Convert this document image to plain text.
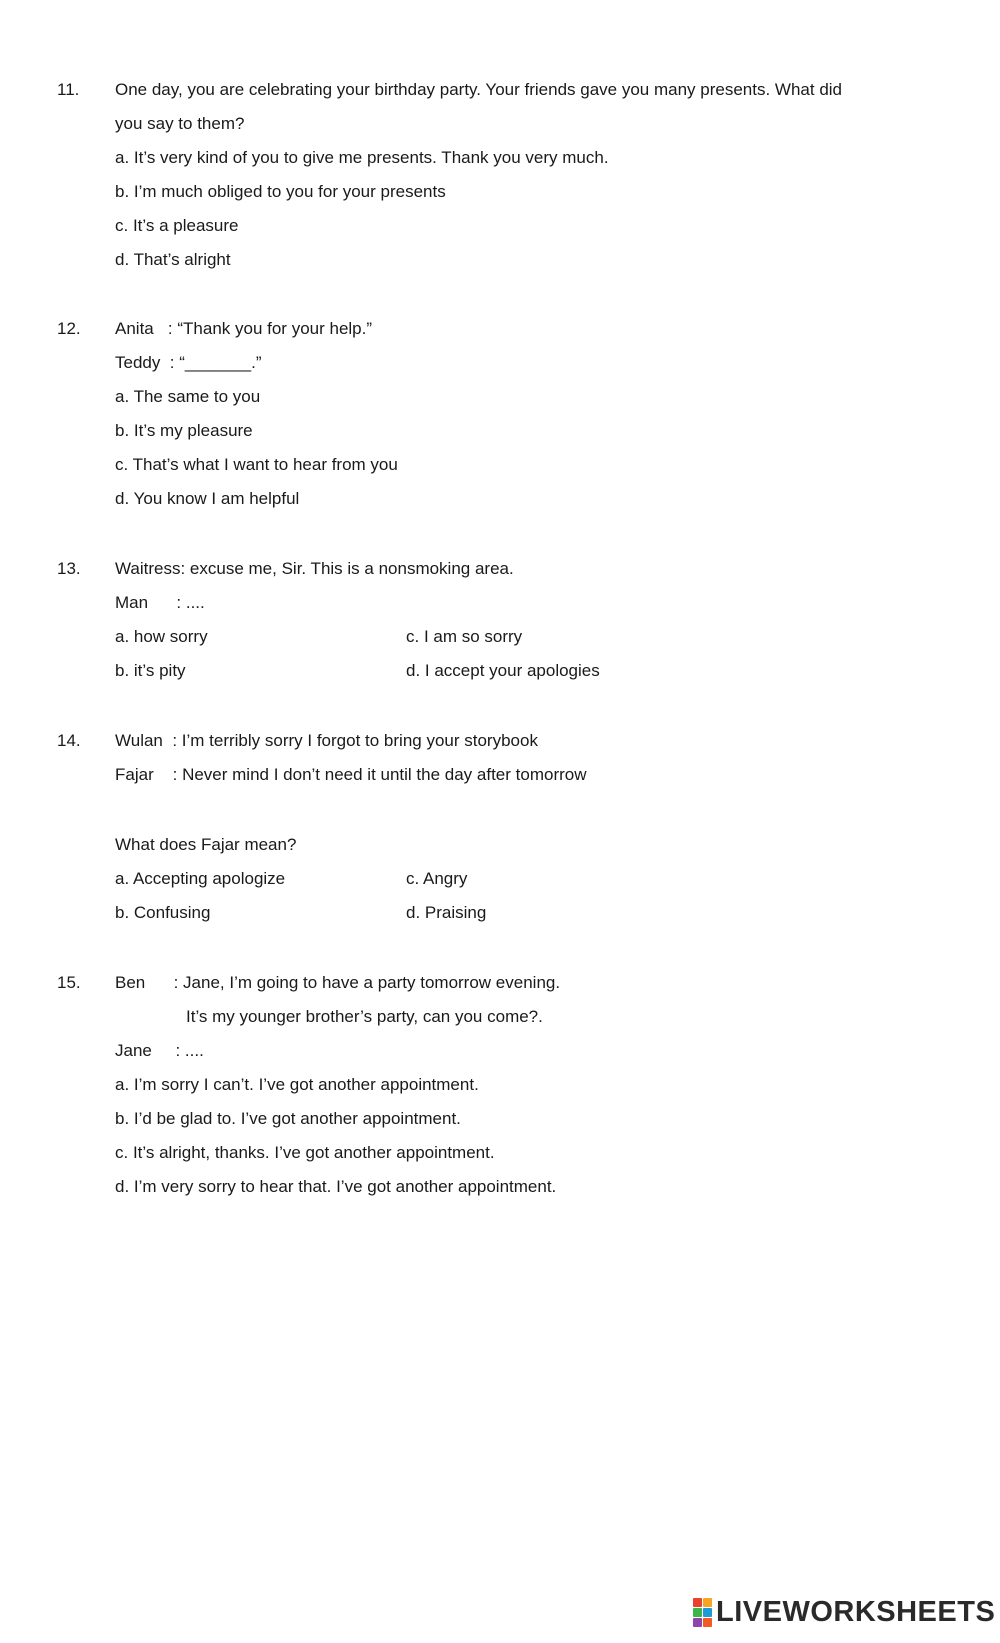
11. One day, you are celebrating your birthday party. Your friends gave you many presents. What did
you say to them?
a. It’s very kind of you to give me presents. Thank you very much.
b. I’m much obliged to you for your presents
c. It’s a pleasure
d. That’s alright
12. Anita   : “Thank you for your help.”
Teddy  : “_______.”
a. The same to you
b. It’s my pleasure
c. That’s what I want to hear from you
d. You know I am helpful
13. Waitress: excuse me, Sir. This is a nonsmoking area.
Man      : ....
a. how sorry	c. I am so sorry
b. it’s pity	d. I accept your apologies
14. Wulan  : I’m terribly sorry I forgot to bring your storybook
Fajar    : Never mind I don’t need it until the day after tomorrow
What does Fajar mean?
a. Accepting apologize	c. Angry
b. Confusing	d. Praising
15. Ben      : Jane, I’m going to have a party tomorrow evening.
It’s my younger brother’s party, can you come?.
Jane     : ....
a. I’m sorry I can’t. I’ve got another appointment.
b. I’d be glad to. I’ve got another appointment.
c. It’s alright, thanks. I’ve got another appointment.
d. I’m very sorry to hear that. I’ve got another appointment.
LIVEWORKSHEETS
